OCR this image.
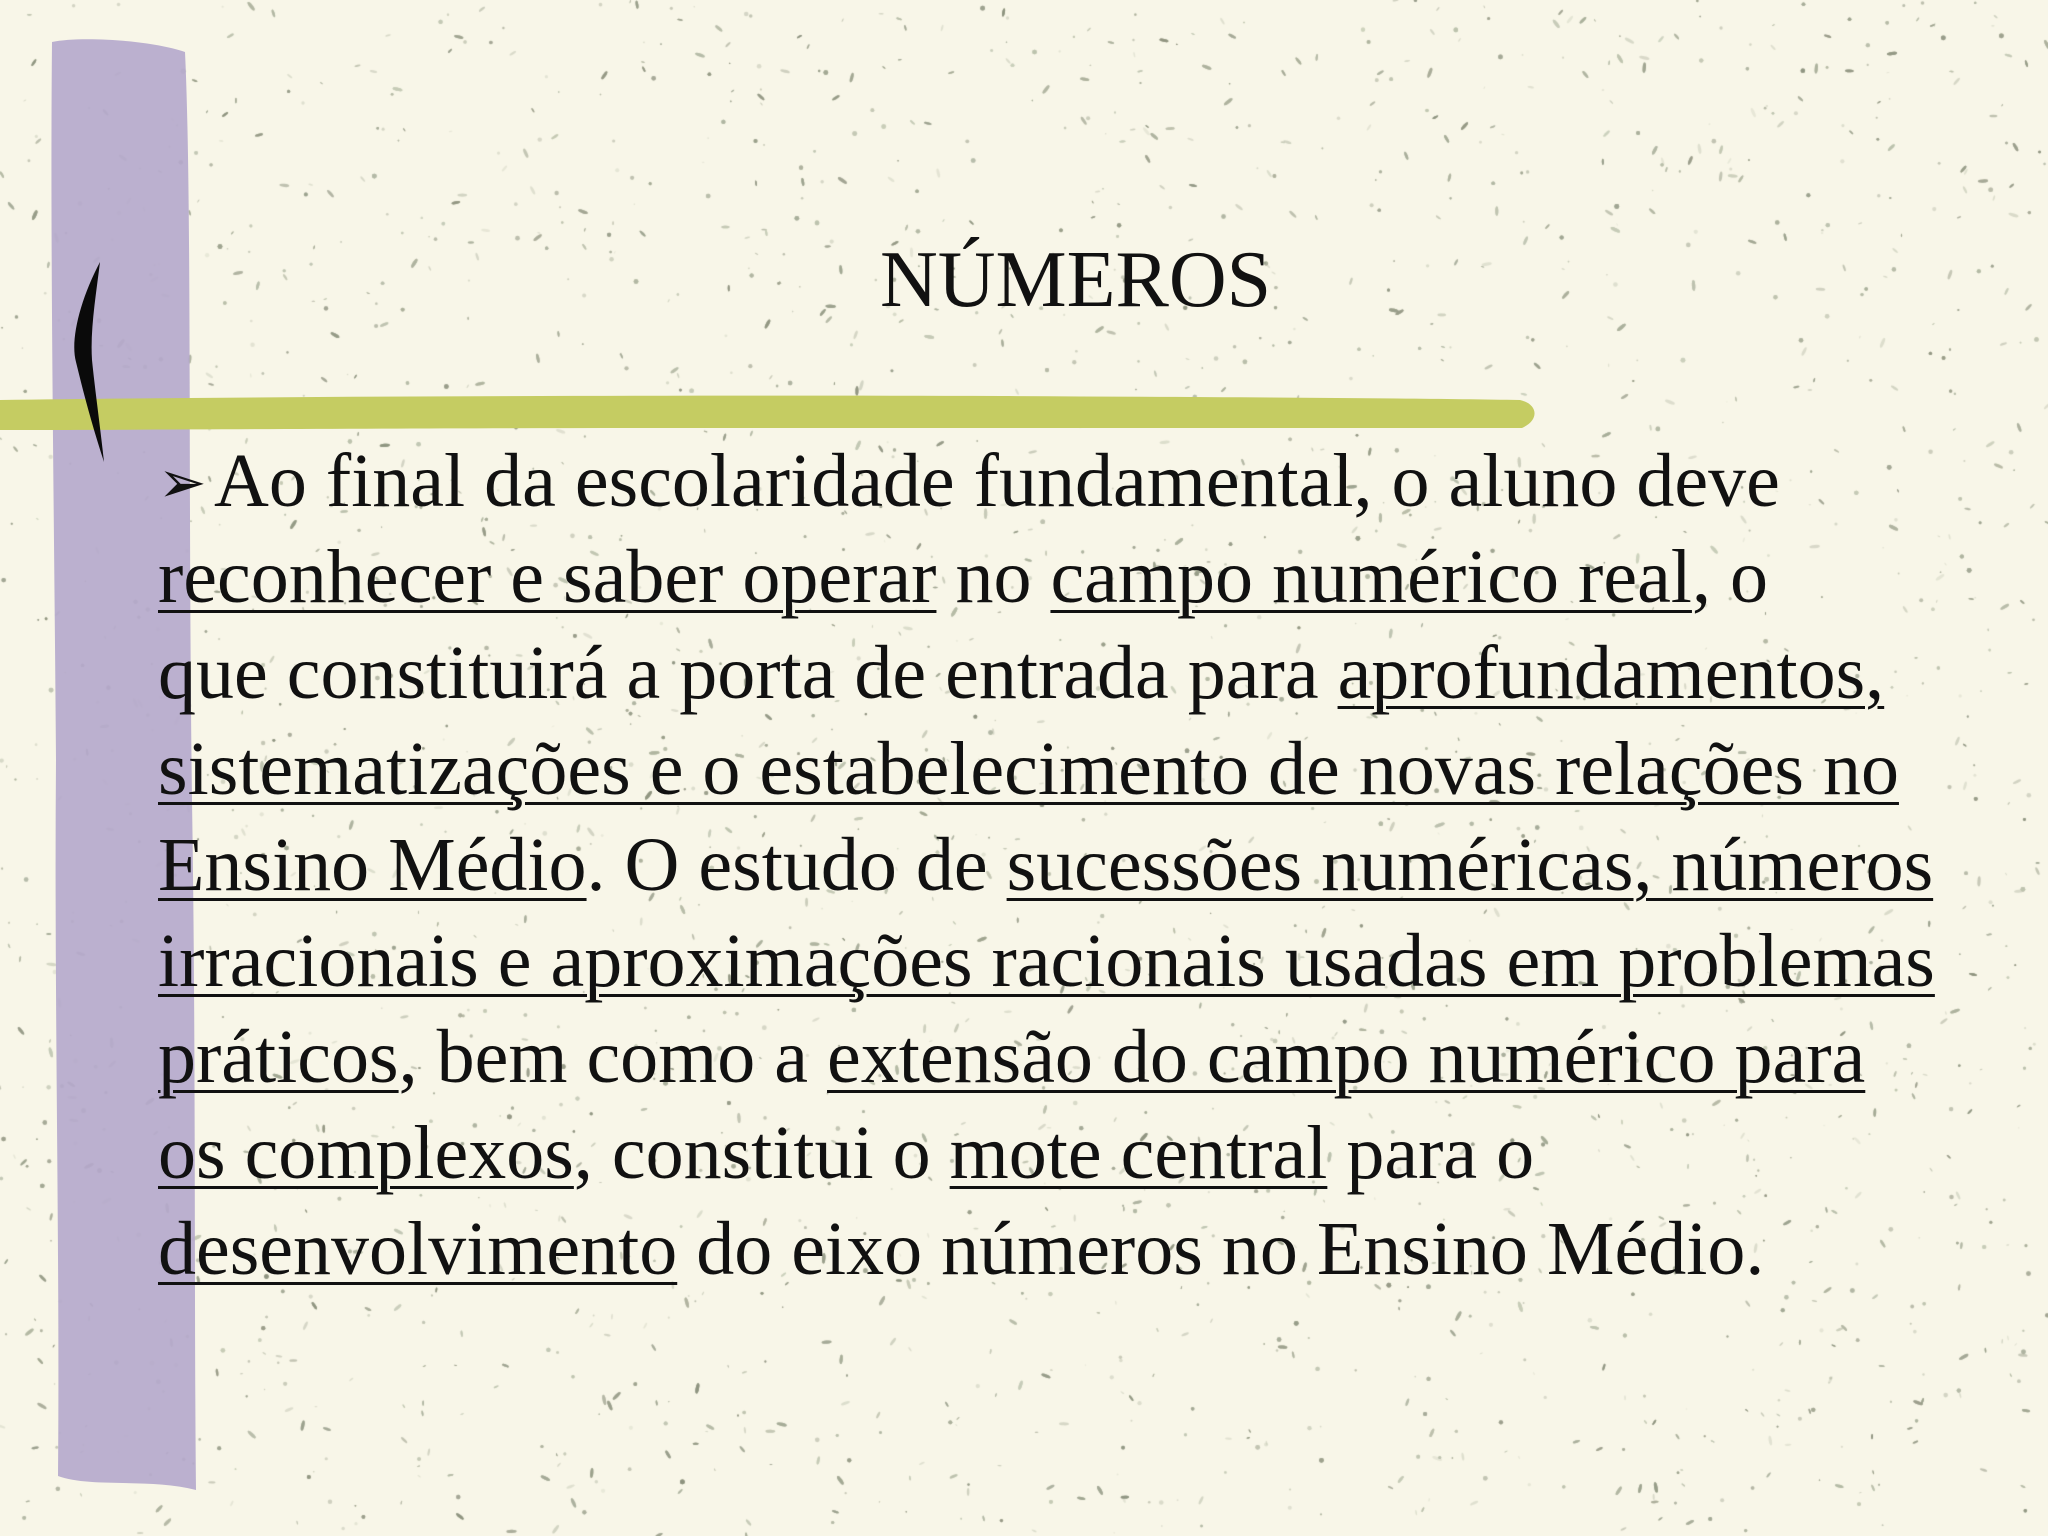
NÚMEROS
➢Ao final da escolaridade fundamental, o aluno deve
reconhecer e saber operar no campo numérico real, o
que constituirá a porta de entrada para aprofundamentos,
sistematizações e o estabelecimento de novas relações no
Ensino Médio. O estudo de sucessões numéricas, números
irracionais e aproximações racionais usadas em problemas
práticos, bem como a extensão do campo numérico para
os complexos, constitui o mote central para o
desenvolvimento do eixo números no Ensino Médio.
